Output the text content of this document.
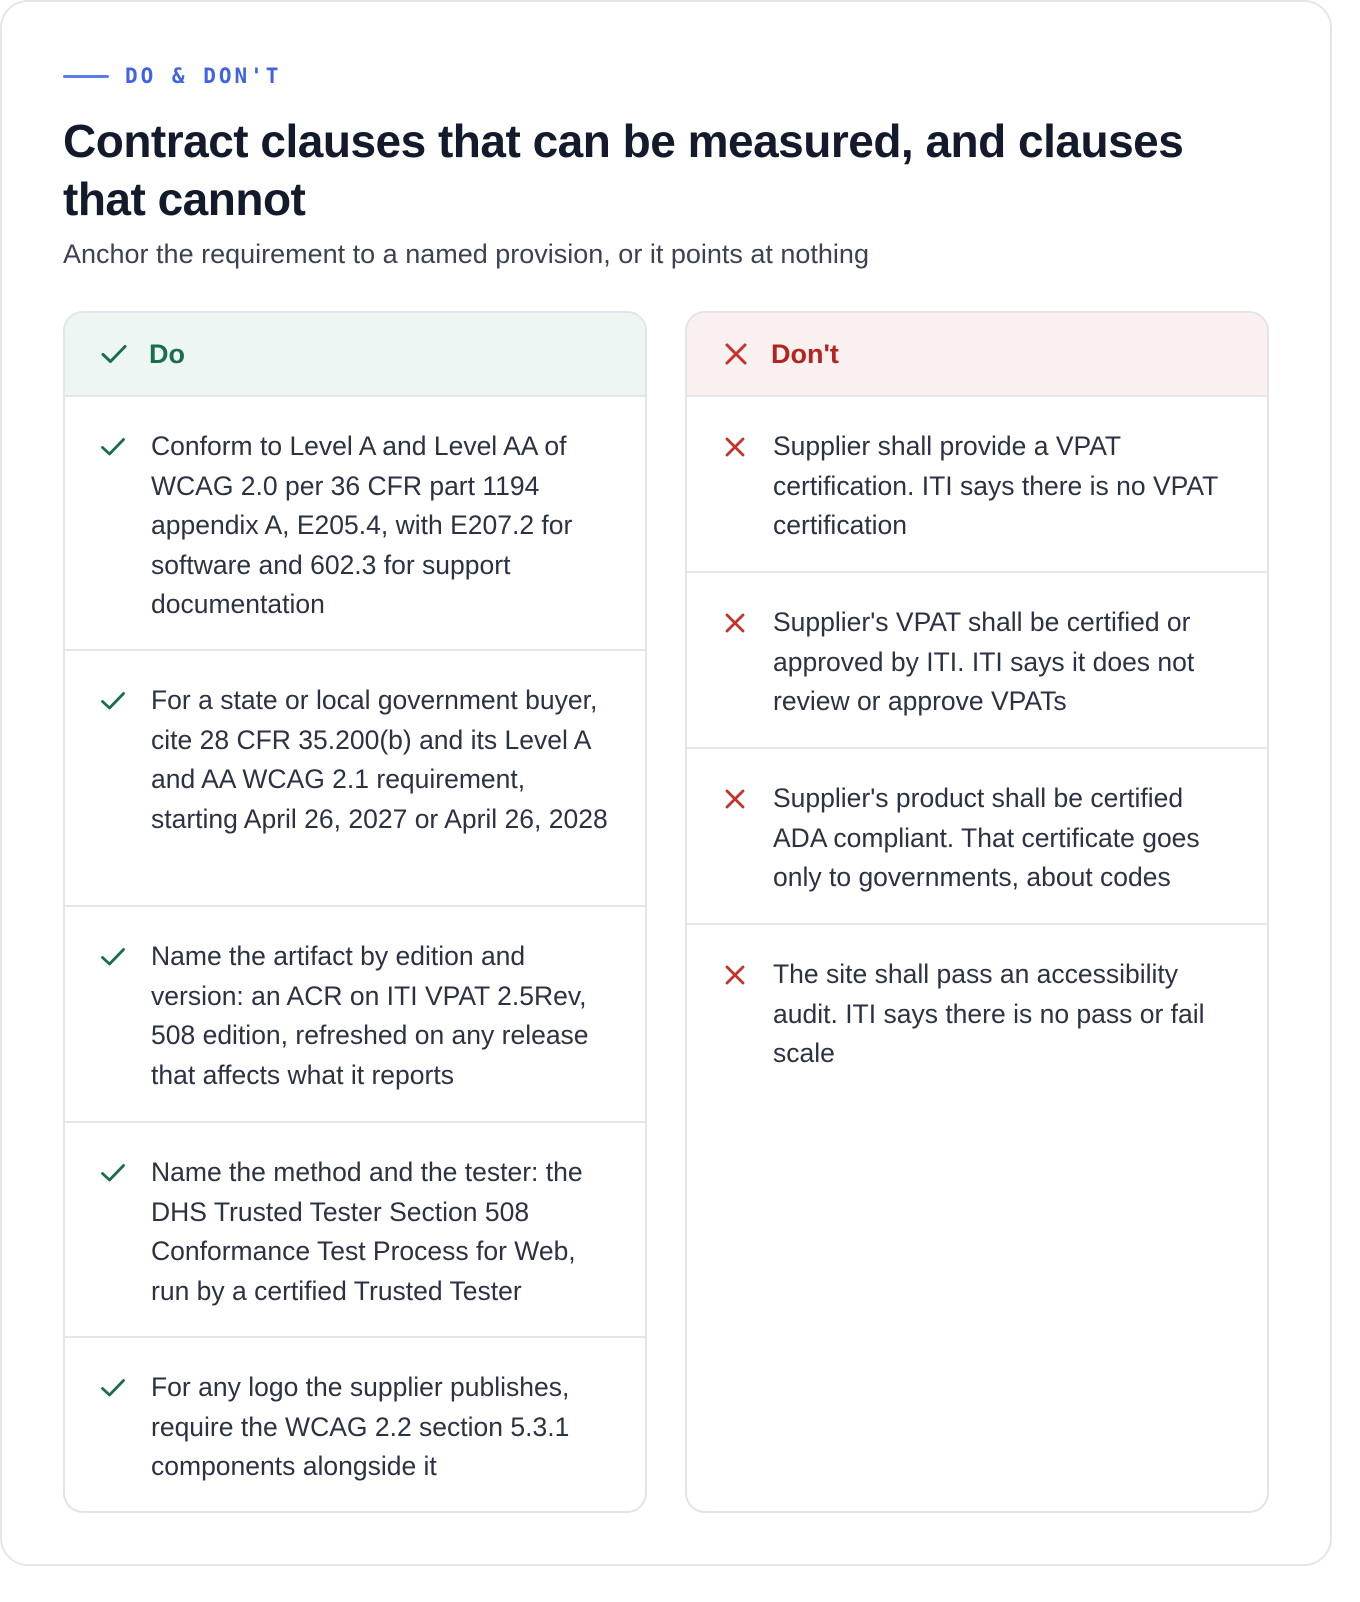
DO & DON'T
Contract clauses that can be measured, and clauses that cannot

Anchor the requirement to a named provision, or it points at nothing

Do
Conform to Level A and Level AA of WCAG 2.0 per 36 CFR part 1194 appendix A, E205.4, with E207.2 for software and 602.3 for support documentation
For a state or local government buyer, cite 28 CFR 35.200(b) and its Level A and AA WCAG 2.1 requirement, starting April 26, 2027 or April 26, 2028
Name the artifact by edition and version: an ACR on ITI VPAT 2.5Rev, 508 edition, refreshed on any release that affects what it reports
Name the method and the tester: the DHS Trusted Tester Section 508 Conformance Test Process for Web, run by a certified Trusted Tester
For any logo the supplier publishes, require the WCAG 2.2 section 5.3.1 components alongside it
Don't
Supplier shall provide a VPAT certification. ITI says there is no VPAT certification
Supplier's VPAT shall be certified or approved by ITI. ITI says it does not review or approve VPATs
Supplier's product shall be certified ADA compliant. That certificate goes only to governments, about codes
The site shall pass an accessibility audit. ITI says there is no pass or fail scale
